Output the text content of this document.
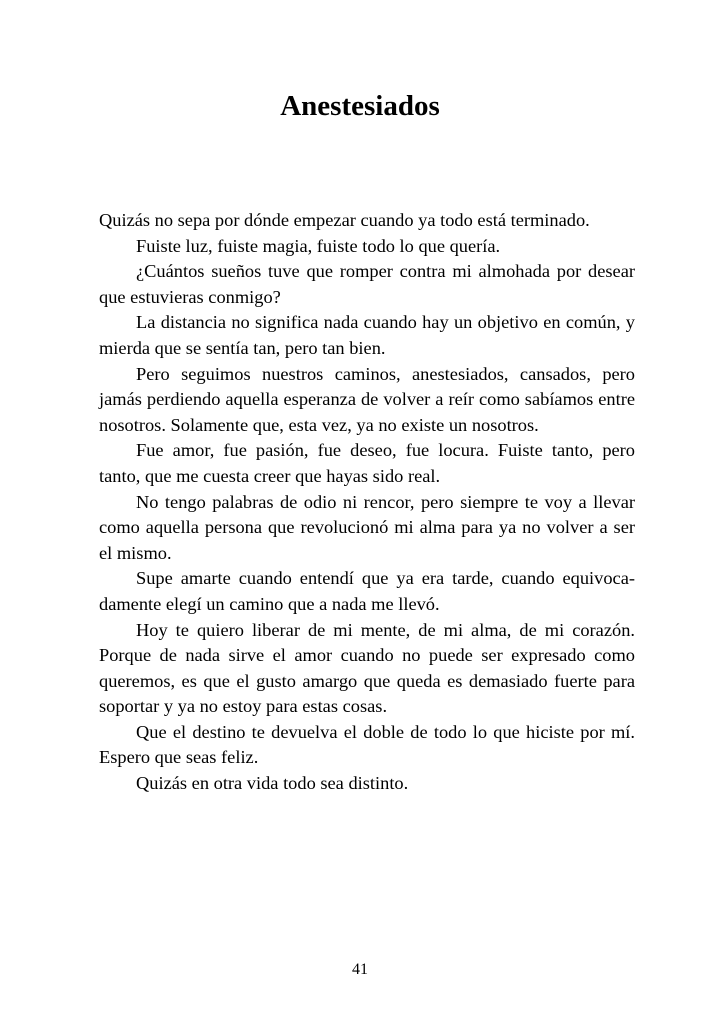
Anestesiados

Quizás no sepa por dónde empezar cuando ya todo está terminado.

Fuiste luz, fuiste magia, fuiste todo lo que quería.

¿Cuántos sueños tuve que romper contra mi almohada por desear que estuvieras conmigo?

La distancia no significa nada cuando hay un objetivo en común, y mierda que se sentía tan, pero tan bien.

Pero seguimos nuestros caminos, anestesiados, cansados, pero jamás perdiendo aquella esperanza de volver a reír como sabíamos entre nosotros. Solamente que, esta vez, ya no existe un nosotros.

Fue amor, fue pasión, fue deseo, fue locura. Fuiste tanto, pero tanto, que me cuesta creer que hayas sido real.

No tengo palabras de odio ni rencor, pero siempre te voy a llevar como aquella persona que revolucionó mi alma para ya no volver a ser el mismo.

Supe amarte cuando entendí que ya era tarde, cuando equivocadamente elegí un camino que a nada me llevó.

Hoy te quiero liberar de mi mente, de mi alma, de mi corazón. Porque de nada sirve el amor cuando no puede ser expresado como queremos, es que el gusto amargo que queda es demasiado fuerte para soportar y ya no estoy para estas cosas.

Que el destino te devuelva el doble de todo lo que hiciste por mí. Espero que seas feliz.

Quizás en otra vida todo sea distinto.

41
